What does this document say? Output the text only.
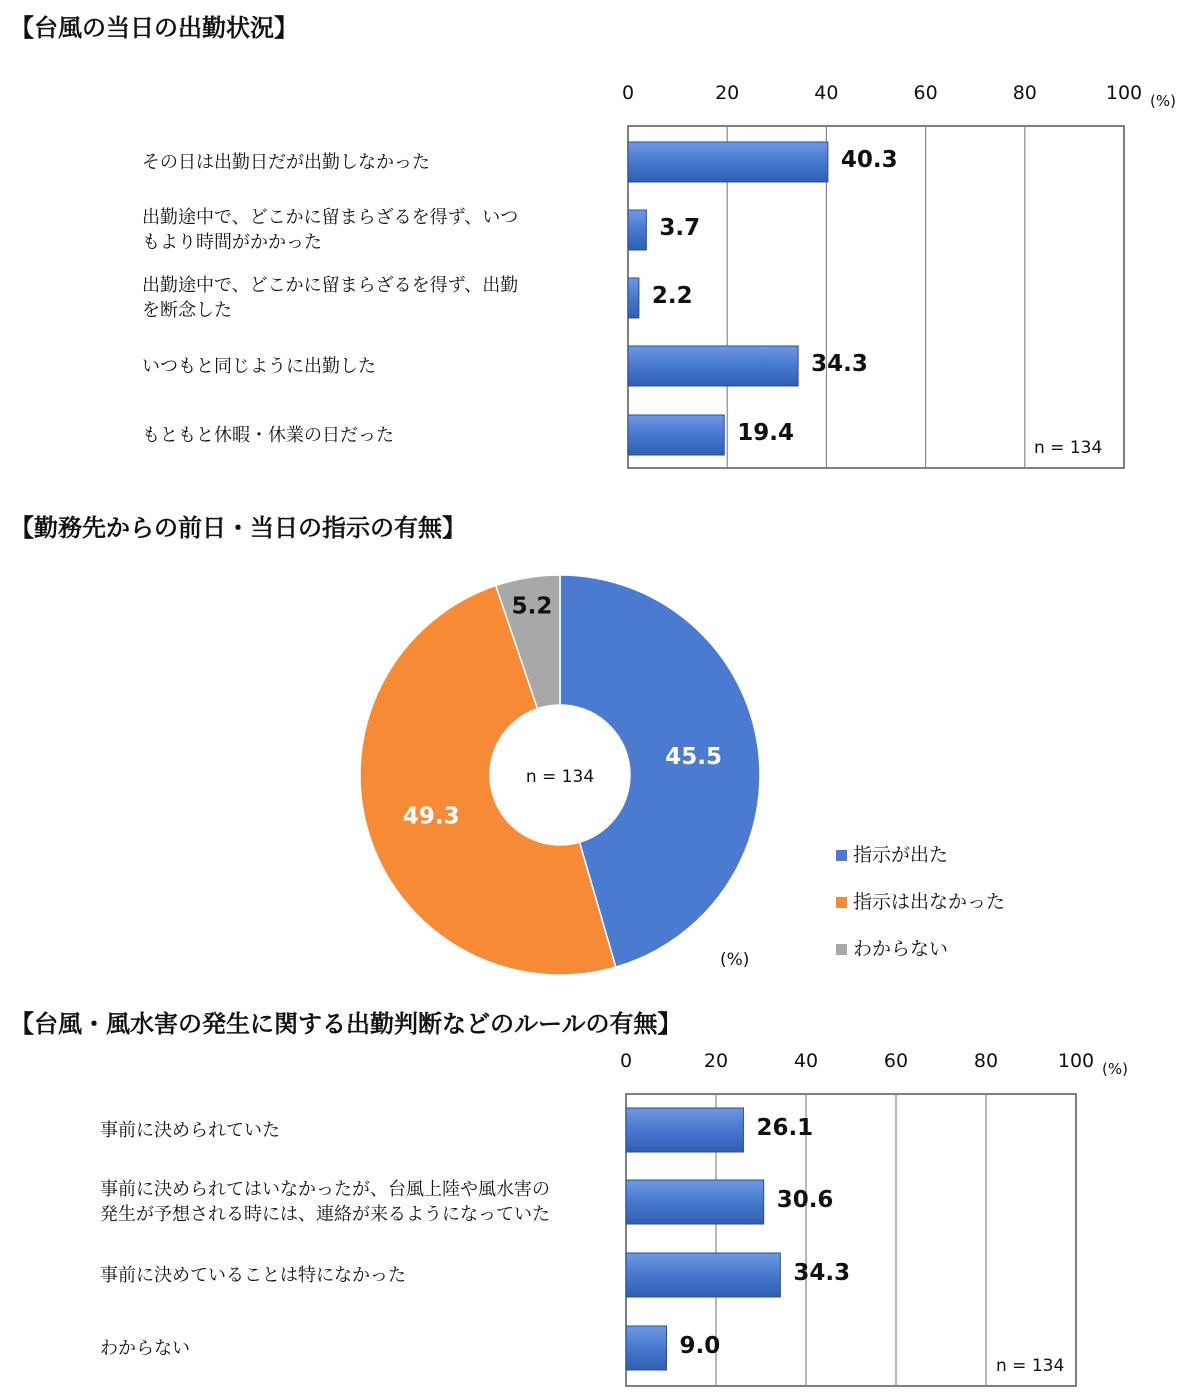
【台風の当日の出勤状況】
【勤務先からの前日・当日の指示の有無】
【台風・風水害の発生に関する出勤判断などのルールの有無】
45.5
49.3
5.2
n = 134
0	20	40	60	80	100 (%)
40.3
その日は出勤日だが出勤しなかった
3.7
出勤途中で、どこかに留まらざるを得ず、いつ
もより時間がかかった
2.2
出勤途中で、どこかに留まらざるを得ず、出勤
を断念した
34.3
いつもと同じように出勤した
19.4
もともと休暇・休業の日だった
n = 134
0	20	40	60	80	100 (%)
26.1
事前に決められていた
30.6
事前に決められてはいなかったが、台風上陸や風水害の
発生が予想される時には、連絡が来るようになっていた
34.3
事前に決めていることは特になかった
9.0
わからない
n = 134
(%)
指示が出た
指示は出なかった
わからない
